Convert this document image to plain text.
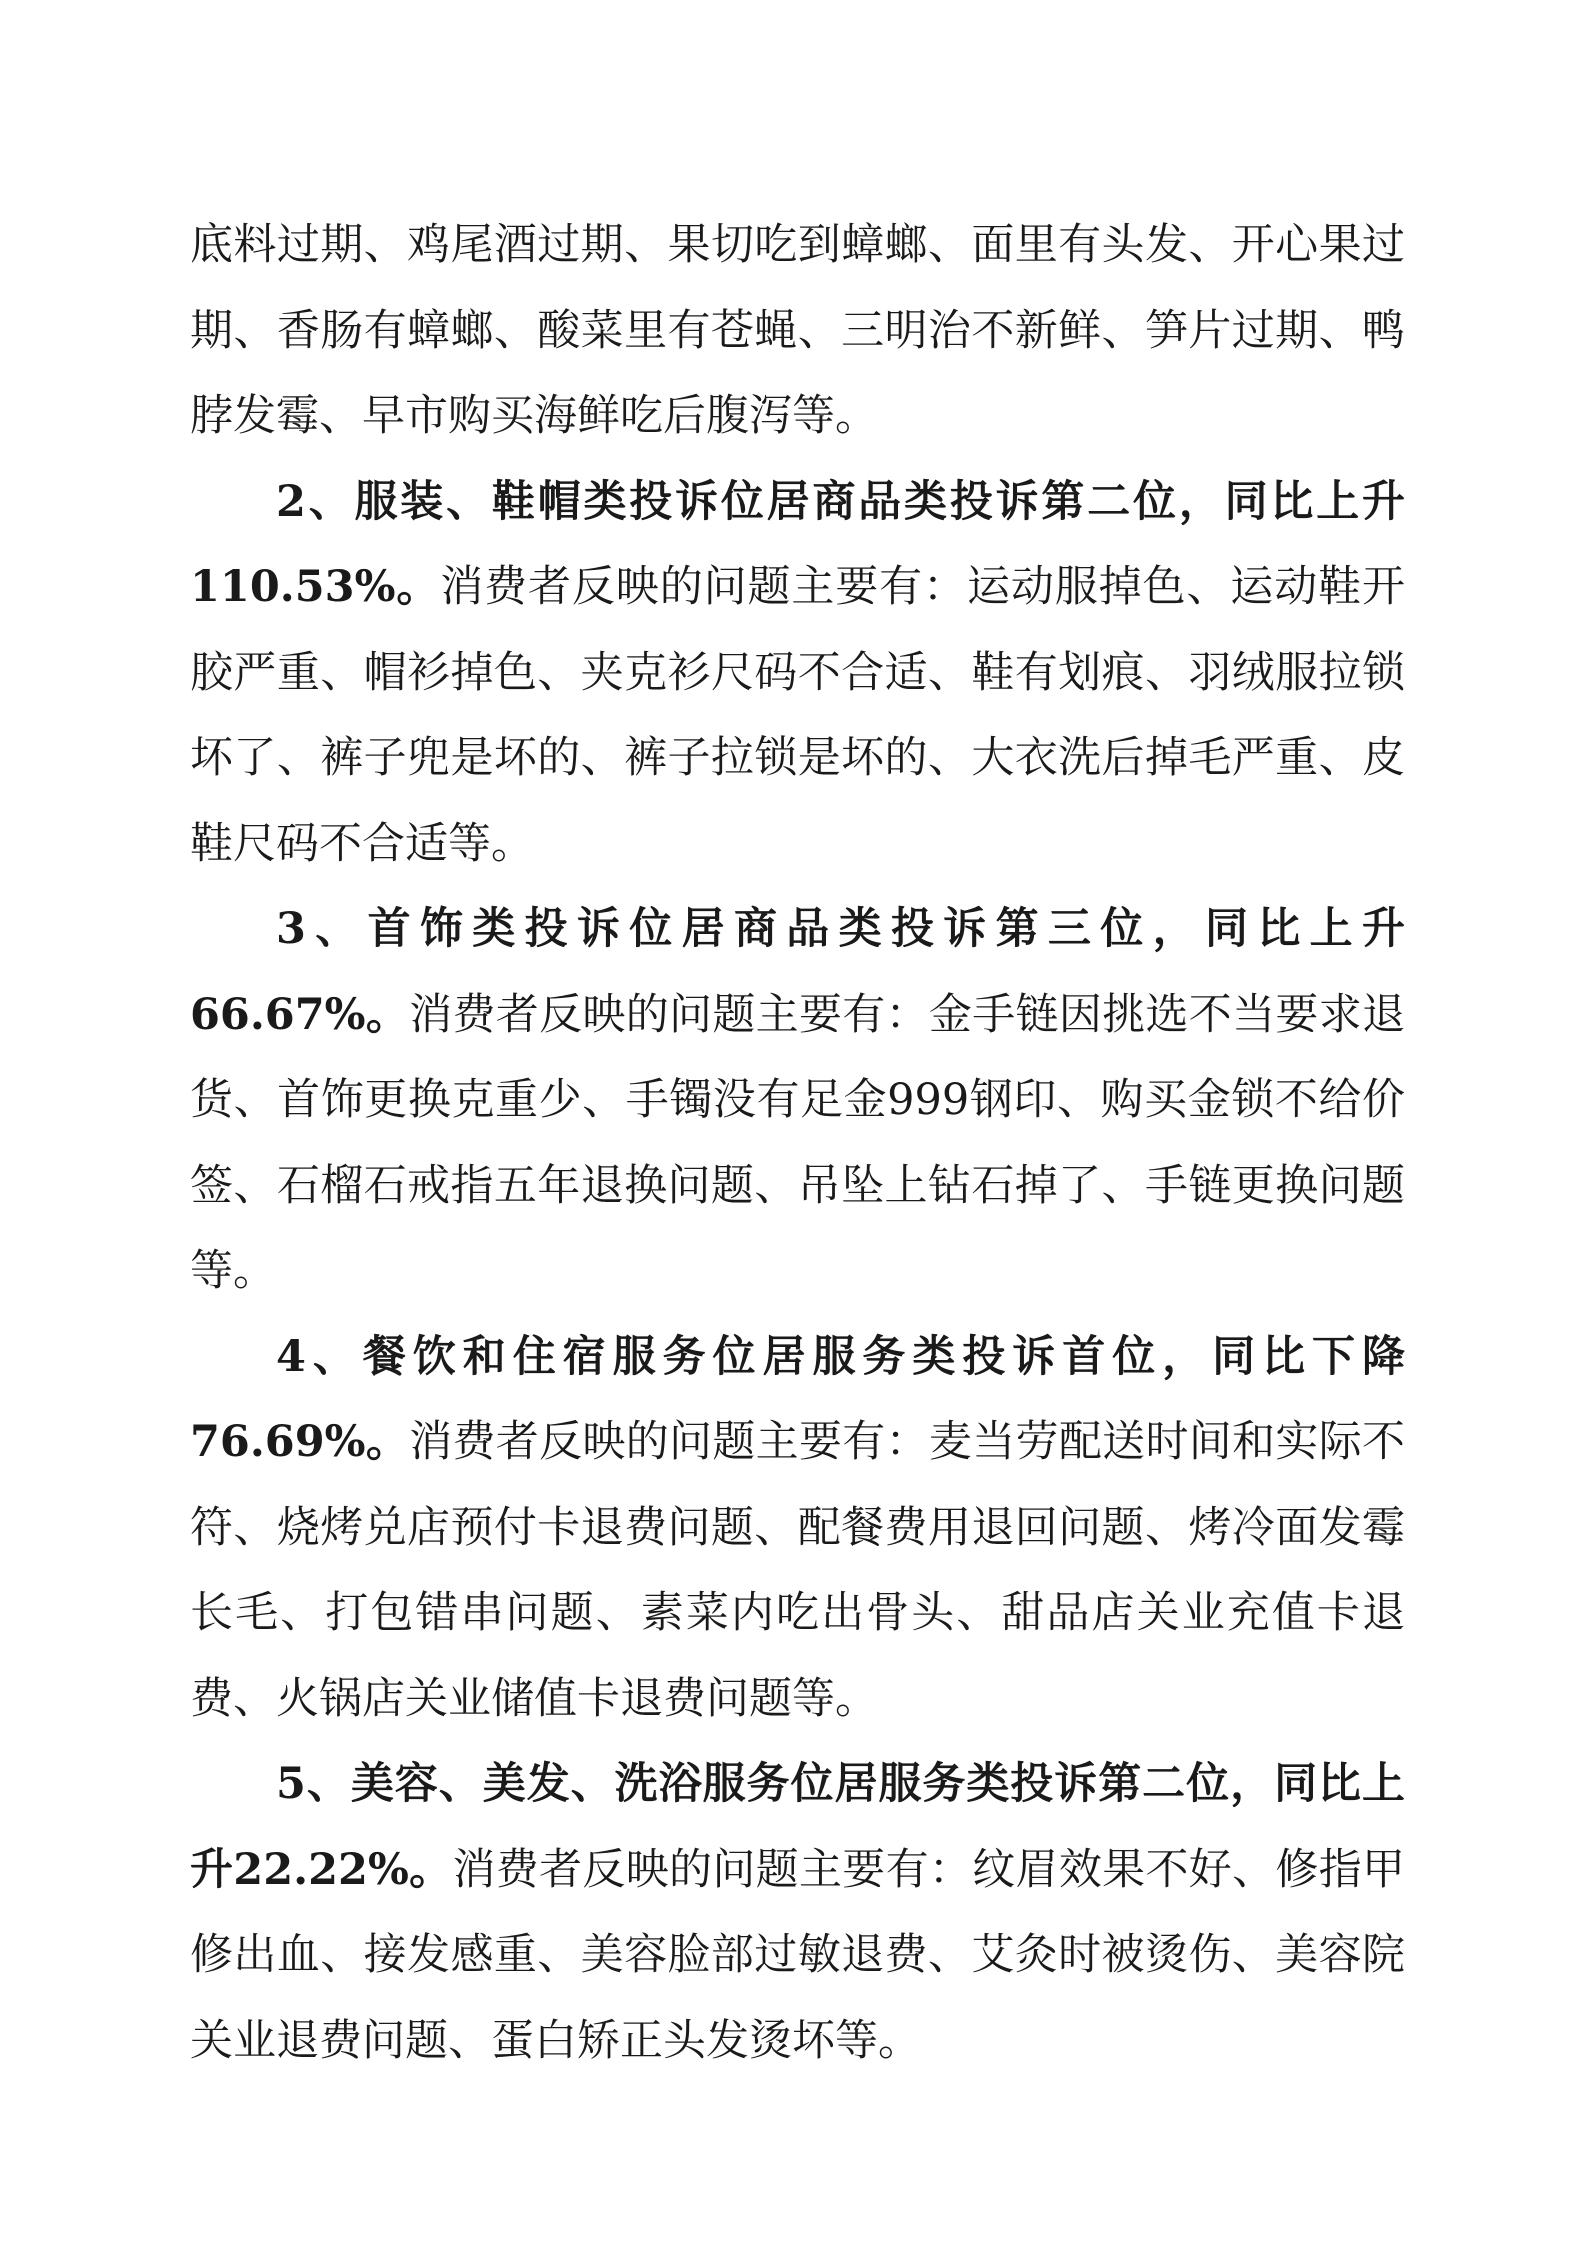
底料过期、鸡尾酒过期、果切吃到蟑螂、面里有头发、开心果过期、香肠有蟑螂、酸菜里有苍蝇、三明治不新鲜、笋片过期、鸭脖发霉、早市购买海鲜吃后腹泻等。

2、服装、鞋帽类投诉位居商品类投诉第二位，同比上升110.53%。消费者反映的问题主要有：运动服掉色、运动鞋开胶严重、帽衫掉色、夹克衫尺码不合适、鞋有划痕、羽绒服拉锁坏了、裤子兜是坏的、裤子拉锁是坏的、大衣洗后掉毛严重、皮鞋尺码不合适等。

3、首饰类投诉位居商品类投诉第三位，同比上升66.67%。消费者反映的问题主要有：金手链因挑选不当要求退货、首饰更换克重少、手镯没有足金999钢印、购买金锁不给价签、石榴石戒指五年退换问题、吊坠上钻石掉了、手链更换问题等。

4、餐饮和住宿服务位居服务类投诉首位，同比下降76.69%。消费者反映的问题主要有：麦当劳配送时间和实际不符、烧烤兑店预付卡退费问题、配餐费用退回问题、烤冷面发霉长毛、打包错串问题、素菜内吃出骨头、甜品店关业充值卡退费、火锅店关业储值卡退费问题等。

5、美容、美发、洗浴服务位居服务类投诉第二位，同比上升22.22%。消费者反映的问题主要有：纹眉效果不好、修指甲修出血、接发感重、美容脸部过敏退费、艾灸时被烫伤、美容院关业退费问题、蛋白矫正头发烫坏等。
